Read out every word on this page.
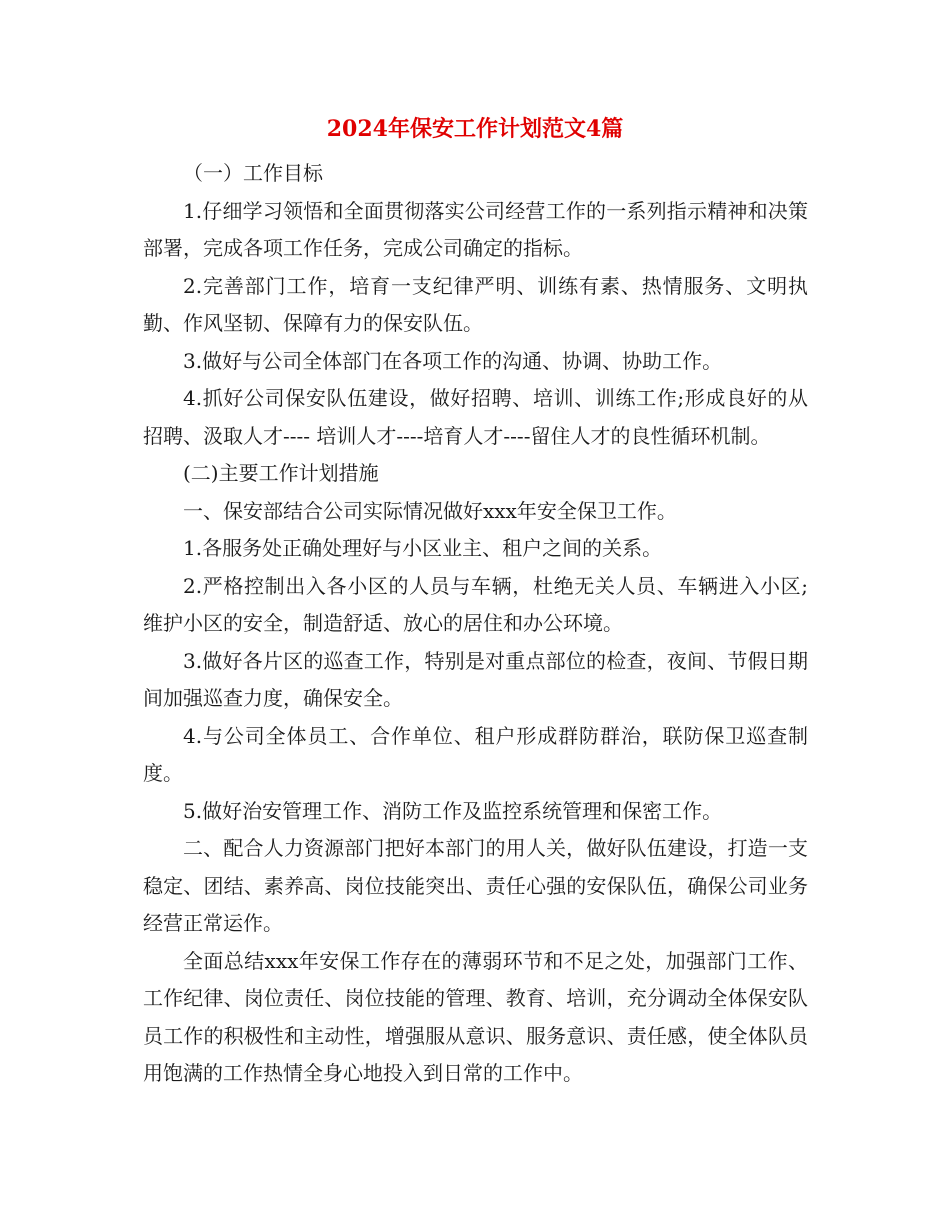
2024年保安工作计划范文4篇

（一）工作目标

1.仔细学习领悟和全面贯彻落实公司经营工作的一系列指示精神和决策部署，完成各项工作任务，完成公司确定的指标。

2.完善部门工作，培育一支纪律严明、训练有素、热情服务、文明执勤、作风坚韧、保障有力的保安队伍。

3.做好与公司全体部门在各项工作的沟通、协调、协助工作。

4.抓好公司保安队伍建设，做好招聘、培训、训练工作;形成良好的从招聘、汲取人才---- 培训人才----培育人才----留住人才的良性循环机制。

(二)主要工作计划措施

一、保安部结合公司实际情况做好xxx年安全保卫工作。

1.各服务处正确处理好与小区业主、租户之间的关系。

2.严格控制出入各小区的人员与车辆，杜绝无关人员、车辆进入小区;维护小区的安全，制造舒适、放心的居住和办公环境。

3.做好各片区的巡查工作，特别是对重点部位的检查，夜间、节假日期间加强巡查力度，确保安全。

4.与公司全体员工、合作单位、租户形成群防群治，联防保卫巡查制度。

5.做好治安管理工作、消防工作及监控系统管理和保密工作。

二、配合人力资源部门把好本部门的用人关，做好队伍建设，打造一支稳定、团结、素养高、岗位技能突出、责任心强的安保队伍，确保公司业务经营正常运作。

全面总结xxx年安保工作存在的薄弱环节和不足之处，加强部门工作、工作纪律、岗位责任、岗位技能的管理、教育、培训，充分调动全体保安队员工作的积极性和主动性，增强服从意识、服务意识、责任感，使全体队员用饱满的工作热情全身心地投入到日常的工作中。
